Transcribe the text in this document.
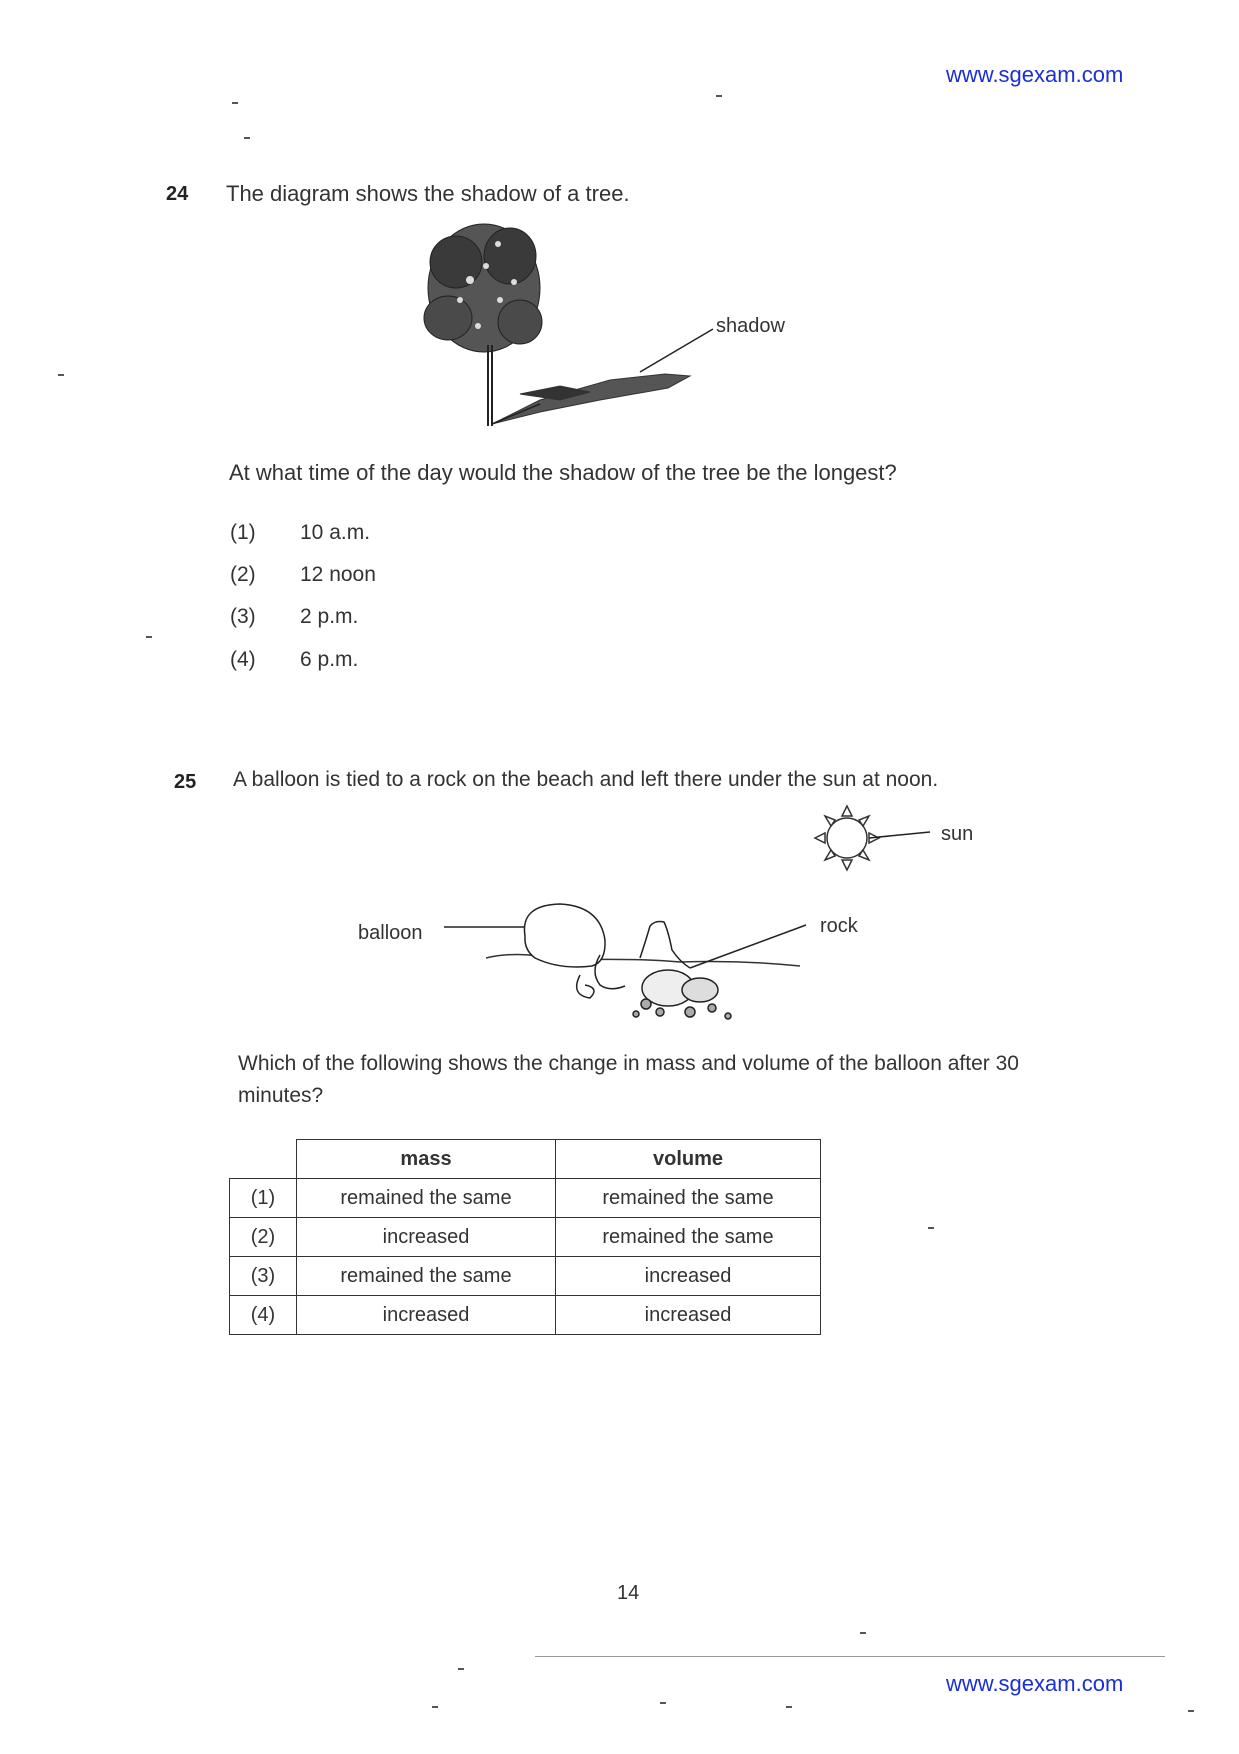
www.sgexam.com
24 The diagram shows the shadow of a tree.
shadow
At what time of the day would the shadow of the tree be the longest?
(1) 10 a.m.
(2) 12 noon
(3) 2 p.m.
(4) 6 p.m.
25 A balloon is tied to a rock on the beach and left there under the sun at noon.
sun
balloon	rock
Which of the following shows the change in mass and volume of the balloon after 30
minutes?
	mass	volume
(1)	remained the same	remained the same
(2)	increased	remained the same
(3)	remained the same	increased
(4)	increased	increased
14
www.sgexam.com
